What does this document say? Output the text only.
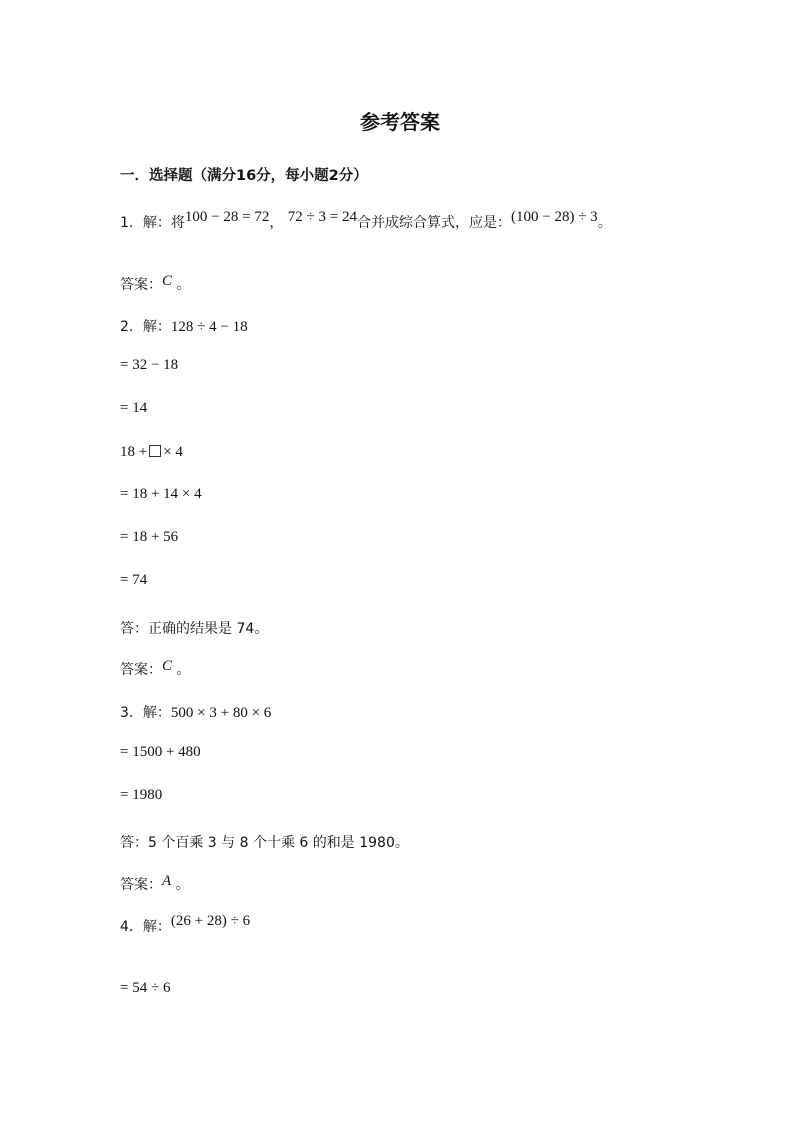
参考答案
一．选择题（满分16分，每小题2分）
1．解：将100 − 28 = 72， 72 ÷ 3 = 24合并成综合算式，应是：(100 − 28) ÷ 3。
答案：C 。
2．解：128 ÷ 4 − 18
= 32 − 18
= 14
18 + × 4
= 18 + 14 × 4
= 18 + 56
= 74
答：正确的结果是 74。
答案：C 。
3．解：500 × 3 + 80 × 6
= 1500 + 480
= 1980
答：5 个百乘 3 与 8 个十乘 6 的和是 1980。
答案：A 。
4．解：(26 + 28) ÷ 6
= 54 ÷ 6
